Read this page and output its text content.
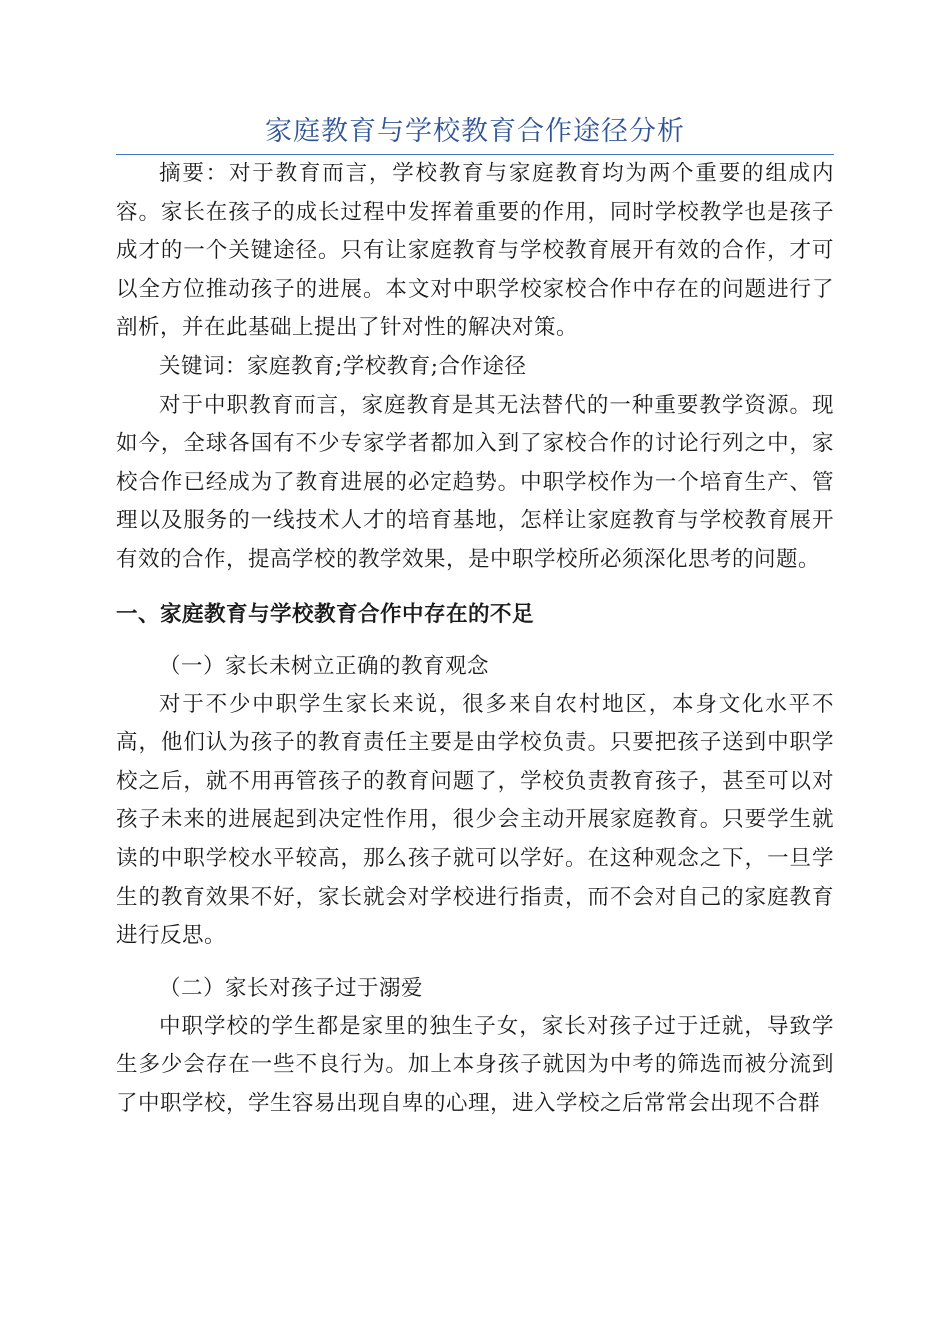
家庭教育与学校教育合作途径分析

摘要：对于教育而言，学校教育与家庭教育均为两个重要的组成内容。家长在孩子的成长过程中发挥着重要的作用，同时学校教学也是孩子成才的一个关键途径。只有让家庭教育与学校教育展开有效的合作，才可以全方位推动孩子的进展。本文对中职学校家校合作中存在的问题进行了剖析，并在此基础上提出了针对性的解决对策。

关键词：家庭教育;学校教育;合作途径

对于中职教育而言，家庭教育是其无法替代的一种重要教学资源。现如今，全球各国有不少专家学者都加入到了家校合作的讨论行列之中，家校合作已经成为了教育进展的必定趋势。中职学校作为一个培育生产、管理以及服务的一线技术人才的培育基地，怎样让家庭教育与学校教育展开有效的合作，提高学校的教学效果，是中职学校所必须深化思考的问题。

一、家庭教育与学校教育合作中存在的不足
（一）家长未树立正确的教育观念

对于不少中职学生家长来说，很多来自农村地区，本身文化水平不高，他们认为孩子的教育责任主要是由学校负责。只要把孩子送到中职学校之后，就不用再管孩子的教育问题了，学校负责教育孩子，甚至可以对孩子未来的进展起到决定性作用，很少会主动开展家庭教育。只要学生就读的中职学校水平较高，那么孩子就可以学好。在这种观念之下，一旦学生的教育效果不好，家长就会对学校进行指责，而不会对自己的家庭教育进行反思。

（二）家长对孩子过于溺爱

中职学校的学生都是家里的独生子女，家长对孩子过于迁就，导致学生多少会存在一些不良行为。加上本身孩子就因为中考的筛选而被分流到了中职学校，学生容易出现自卑的心理，进入学校之后常常会出现不合群
